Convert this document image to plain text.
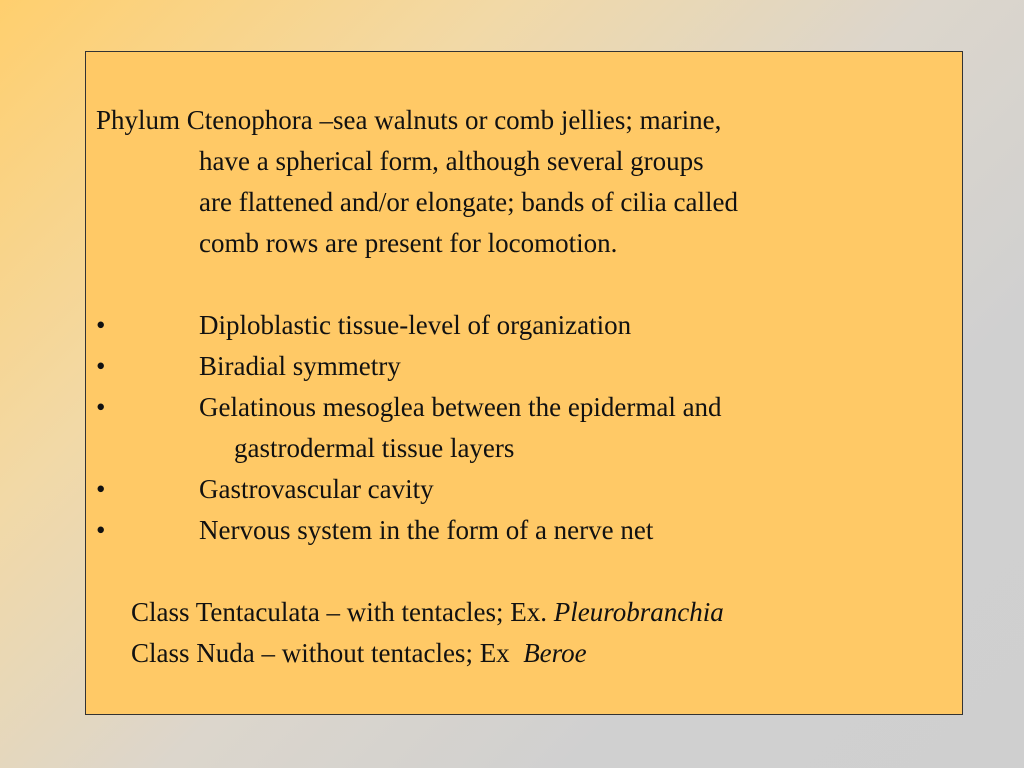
Phylum Ctenophora –sea walnuts or comb jellies; marine,
have a spherical form, although several groups
are flattened and/or elongate; bands of cilia called
comb rows are present for locomotion.
•	Diploblastic tissue-level of organization
•	Biradial symmetry
•	Gelatinous mesoglea between the epidermal and
gastrodermal tissue layers
•	Gastrovascular cavity
•	Nervous system in the form of a nerve net
Class Tentaculata – with tentacles; Ex. Pleurobranchia
Class Nuda – without tentacles; Ex  Beroe
